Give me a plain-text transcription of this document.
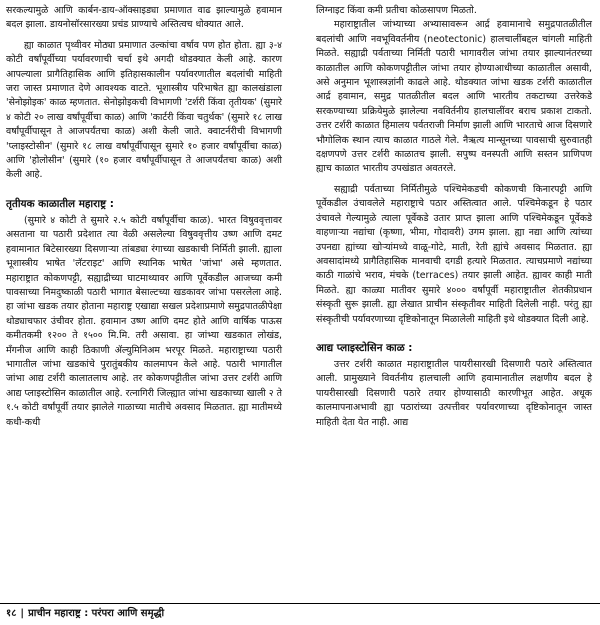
सरकल्यामुळे आणि कार्बन-डाय-ऑक्साइड्या प्रमाणात वाढ झाल्यामुळे हवामान बदल झाला. डायनोसॉरसारख्या प्रचंड प्राण्याचे अस्तित्वच धोक्यात आले.

ह्या काळात पृथ्वीवर मोठ्या प्रमाणात उल्कांचा वर्षाव पण होत होता. ह्या ३-४ कोटी वर्षांपूर्वीच्या पर्यावरणाची चर्चा इथे अगदी थोडक्यात केली आहे. कारण आपल्याला प्रागैतिहासिक आणि इतिहासकालीन पर्यावरणातील बदलांची माहिती जरा जास्त प्रमाणात देणे आवश्यक वाटते. भूशास्त्रीय परिभाषेत ह्या कालखंडाला 'सेनोझोइक' काळ म्हणतात. सेनोझोइकची विभागणी 'टर्शरी किंवा तृतीयक' (सुमारे ४ कोटी २० लाख वर्षांपूर्वीचा काळ) आणि 'कार्टरी किंवा चतुर्थक' (सुमारे १८ लाख वर्षांपूर्वीपासून ते आजपर्यंतचा काळ) अशी केली जाते. क्वाटर्नरीची विभागणी 'प्लाइस्टोसीन' (सुमारे १८ लाख वर्षांपूर्वीपासून सुमारे १० हजार वर्षांपूर्वीचा काळ) आणि 'होलोसीन' (सुमारे (१० हजार वर्षांपूर्वीपासून ते आजपर्यंतचा काळ) अशी केली आहे.

तृतीयक काळातील महाराष्ट्र :

(सुमारे ४ कोटी ते सुमारे २.५ कोटी वर्षांपूर्वीचा काळ). भारत विषुववृत्तावर असताना या पठारी प्रदेशात त्या वेळी असलेल्या विषुववृत्तीय उष्ण आणि दमट हवामानात बिटेसारख्या दिसणाऱ्या तांबड्या रंगाच्या खडकाची निर्मिती झाली. ह्याला भूशास्त्रीय भाषेत 'लॅटराइट' आणि स्थानिक भाषेत 'जांभा' असे म्हणतात. महाराष्ट्रात कोकणपट्टी, सह्याद्रीच्या घाटमाथ्यावर आणि पूर्वेकडील आजच्या कमी पावसाच्या निमदुष्काळी पठारी भागात बेसाल्टच्या खडकावर जांभा पसरलेला आहे. हा जांभा खडक तयार होताना महाराष्ट्र एखाद्या सखल प्रदेशाप्रमाणे समुद्रपातळीपेक्षा थोड्याचफार उंचीवर होता. हवामान उष्ण आणि दमट होते आणि वार्षिक पाऊस कमीतकमी १२०० ते १५०० मि.मि. तरी असावा. हा जांभ्या खडकात लोखंड, मॅंगनीज आणि काही ठिकाणी ॲल्युमिनिअम भरपूर मिळते. महाराष्ट्राच्या पठारी भागातील जांभा खडकांचे पुरातुंबकीय कालमापन केले आहे. पठारी भागातील जांभा आद्य टर्शरी कालातलाच आहे. तर कोकणपट्टीतील जांभा उत्तर टर्शरी आणि आद्य प्लाइस्टोसिन काळातील आहे. रत्नागिरी जिल्ह्यात जांभा खडकाच्या खाली २ ते १.५ कोटी वर्षांपूर्वी तयार झालेले गाळाच्या मातीचे अवसाद मिळतात. ह्या मातीमध्ये कधी-कधी

लिग्नाइट किंवा कमी प्रतीचा कोळसापण मिळतो.

महाराष्ट्रातील जांभ्याच्या अभ्यासावरून आर्द्र हवामानाचे समुद्रपातळीतील बदलांची आणि नवभूविवर्तनीय (neotectonic) हालचालींबद्दल चांगली माहिती मिळते. सह्याद्री पर्वताच्या निर्मिती पठारी भागावरील जांभा तयार झाल्यानंतरच्या काळातील आणि कोकणपट्टीतील जांभा तयार होण्याआधीच्या काळातील असावी, असे अनुमान भूशास्त्रज्ञांनी काढले आहे. थोडक्यात जांभा खडक टर्शरी काळातील आर्द्र हवामान, समुद्र पातळीतील बदल आणि भारतीय तकटाच्या उत्तरेकडे सरकण्याच्या प्रक्रियेमुळे झालेल्या नवविर्तनीय हालचालींवर बराच प्रकाश टाकतो. उत्तर टर्शरी काळात हिमालय पर्वतराजी निर्माण झाली आणि भारताचे आज दिसणारे भौगोलिक स्थान त्याच काळात गाठले गेले. नैऋत्य मान्सूनच्या पावसाची सुरुवातही दक्षणपणे उत्तर टर्शरी काळातच झाली. सपुष्प वनस्पती आणि सस्तन प्राणिपण ह्याच काळात भारतीय उपखंडात अवतरले.

सह्याद्री पर्वताच्या निर्मितीमुळे पश्चिमेकडची कोकणची किनारपट्टी आणि पूर्वेकडील उंचावलेले महाराष्ट्राचे पठार अस्तित्वात आले. पश्चिमेकडून हे पठार उंचावले गेल्यामुळे त्याला पूर्वेकडे उतार प्राप्त झाला आणि पश्चिमेकडून पूर्वेकडे वाहणाऱ्या नद्यांचा (कृष्णा, भीमा, गोदावरी) उगम झाला. ह्या नद्या आणि त्यांच्या उपनद्या ह्यांच्या खोऱ्यांमध्ये वाळू-गोटे, माती, रेती ह्यांचे अवसाद मिळतात. ह्या अवसादांमध्ये प्रागैतिहासिक मानवाची दगडी हत्यारे मिळतात. त्याचप्रमाणे नद्यांच्या काठी गाळांचे भराव, मंचके (terraces) तयार झाली आहेत. ह्यावर काही माती मिळते. ह्या काळ्या मातीवर सुमारे ४००० वर्षांपूर्वी महाराष्ट्रातील शेतकीप्रधान संस्कृती सुरू झाली. ह्या लेखात प्राचीन संस्कृतीवर माहिती दिलेली नाही. परंतु ह्या संस्कृतीची पर्यावरणाच्या दृष्टिकोनातून मिळालेली माहिती इथे थोडक्यात दिली आहे.

आद्य प्लाइस्टोसिन काळ :

उत्तर टर्शरी काळात महाराष्ट्रातील पायरीसारखी दिसणारी पठारे अस्तित्वात आली. प्रामुख्याने विवर्तनीय हालचाली आणि हवामानातील लक्षणीय बदल हे पायरीसारखी दिसणारी पठारे तयार होण्यासाठी कारणीभूत आहेत. अधूक कालमापनाअभावी ह्या पठारांच्या उत्पत्तीवर पर्यावरणाच्या दृष्टिकोनातून जास्त माहिती देता येत नाही. आद्य

१८ | प्राचीन महाराष्ट्र : परंपरा आणि समृद्धी
